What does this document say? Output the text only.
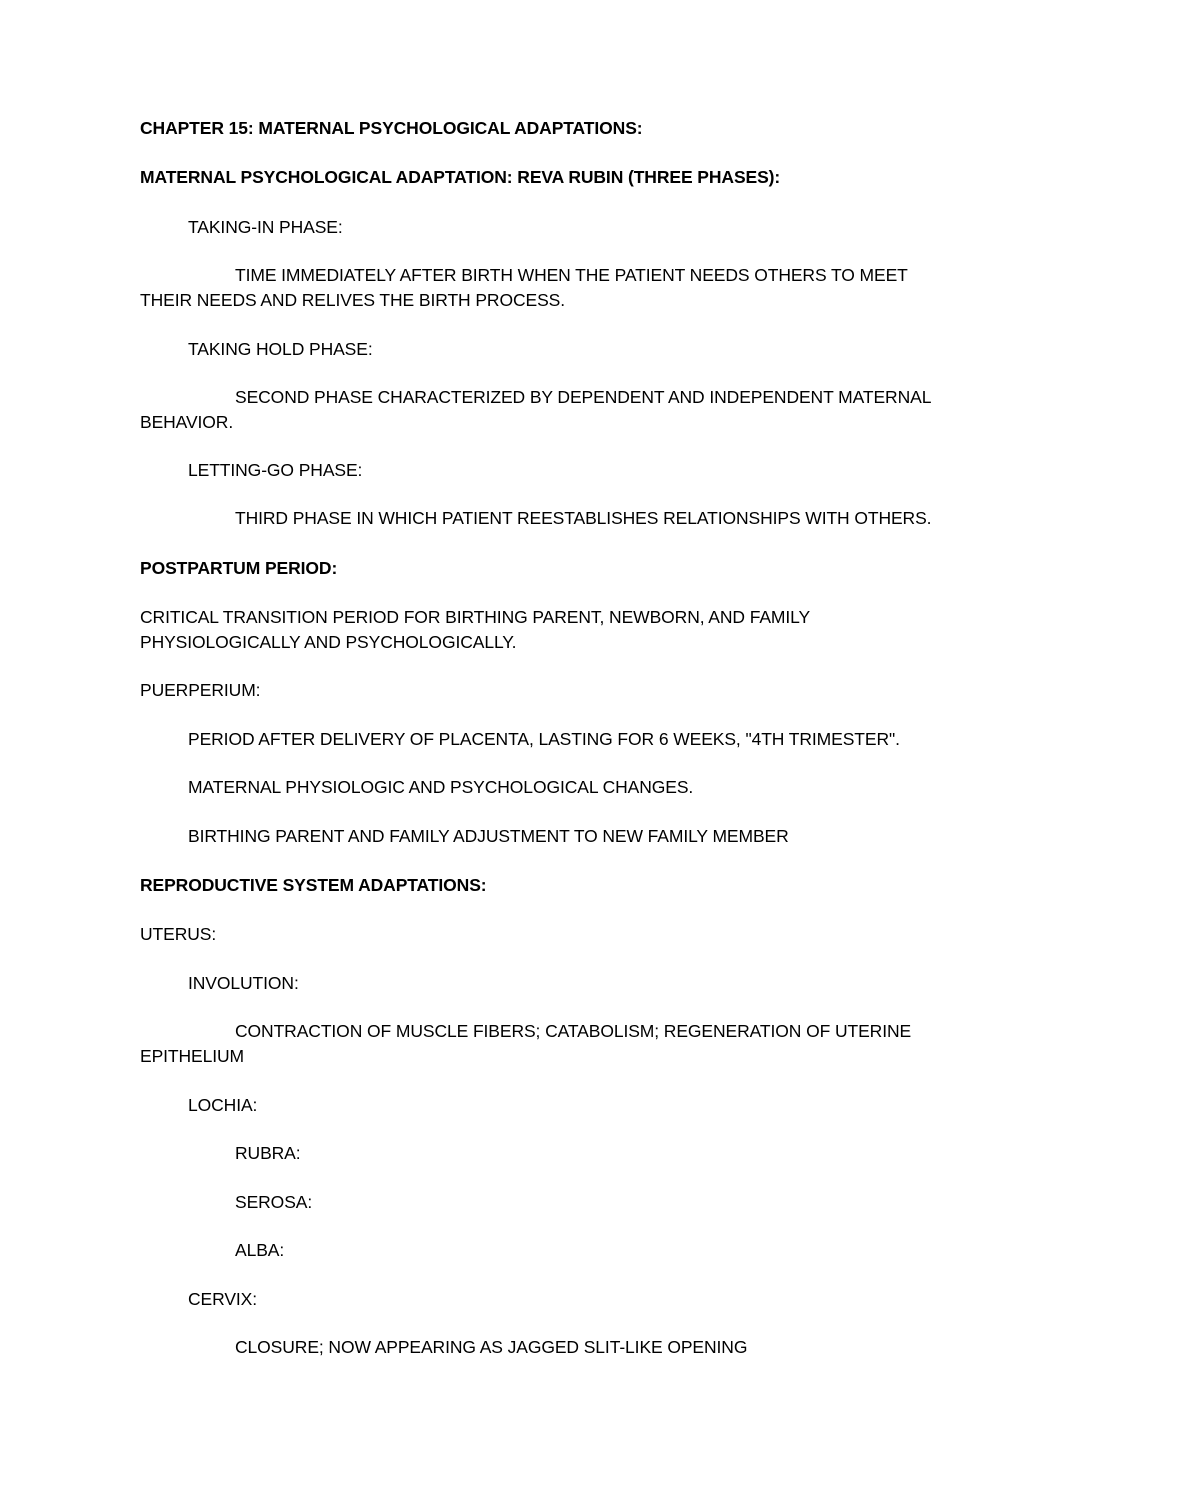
CHAPTER 15: MATERNAL PSYCHOLOGICAL ADAPTATIONS:
MATERNAL PSYCHOLOGICAL ADAPTATION: REVA RUBIN (THREE PHASES):
TAKING-IN PHASE:
TIME IMMEDIATELY AFTER BIRTH WHEN THE PATIENT NEEDS OTHERS TO MEET
THEIR NEEDS AND RELIVES THE BIRTH PROCESS.
TAKING HOLD PHASE:
SECOND PHASE CHARACTERIZED BY DEPENDENT AND INDEPENDENT MATERNAL
BEHAVIOR.
LETTING-GO PHASE:
THIRD PHASE IN WHICH PATIENT REESTABLISHES RELATIONSHIPS WITH OTHERS.
POSTPARTUM PERIOD:
CRITICAL TRANSITION PERIOD FOR BIRTHING PARENT, NEWBORN, AND FAMILY
PHYSIOLOGICALLY AND PSYCHOLOGICALLY.
PUERPERIUM:
PERIOD AFTER DELIVERY OF PLACENTA, LASTING FOR 6 WEEKS, "4TH TRIMESTER".
MATERNAL PHYSIOLOGIC AND PSYCHOLOGICAL CHANGES.
BIRTHING PARENT AND FAMILY ADJUSTMENT TO NEW FAMILY MEMBER
REPRODUCTIVE SYSTEM ADAPTATIONS:
UTERUS:
INVOLUTION:
CONTRACTION OF MUSCLE FIBERS; CATABOLISM; REGENERATION OF UTERINE
EPITHELIUM
LOCHIA:
RUBRA:
SEROSA:
ALBA:
CERVIX:
CLOSURE; NOW APPEARING AS JAGGED SLIT-LIKE OPENING
